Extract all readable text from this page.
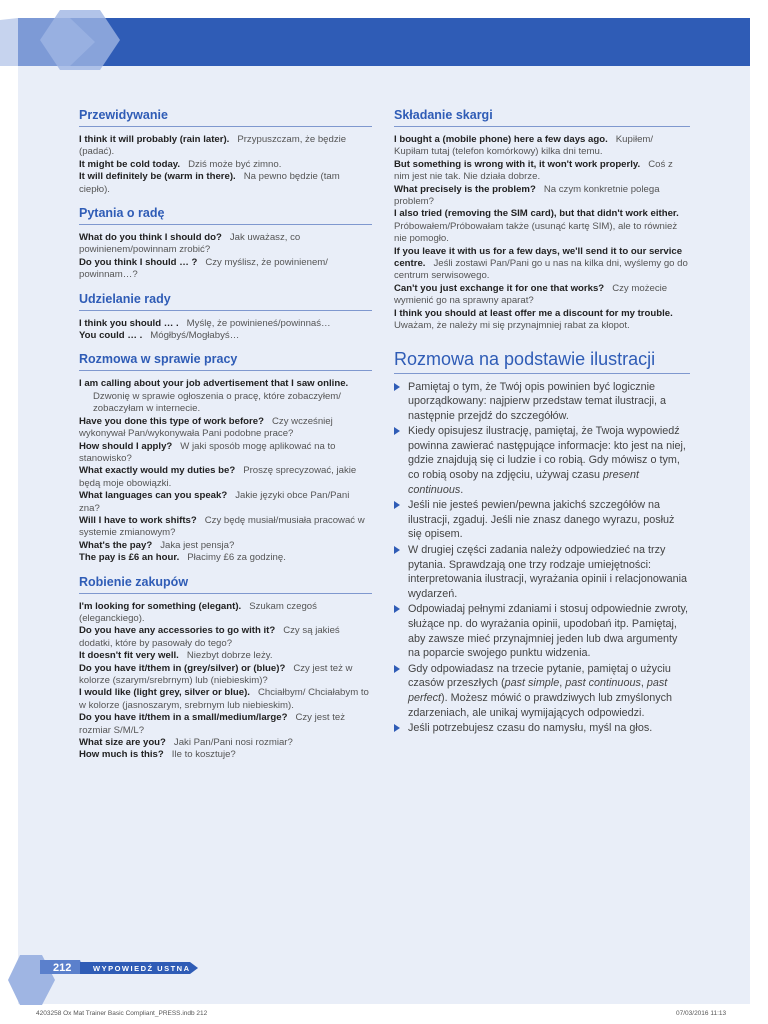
Przewidywanie

I think it will probably (rain later). Przypuszczam, że będzie (padać).

It might be cold today. Dziś może być zimno.

It will definitely be (warm in there). Na pewno będzie (tam ciepło).

Pytania o radę

What do you think I should do? Jak uważasz, co powinienem/powinnam zrobić?

Do you think I should … ? Czy myślisz, że powinienem/ powinnam…?

Udzielanie rady

I think you should … . Myślę, że powinieneś/powinnaś…

You could … . Mógłbyś/Mogłabyś…

Rozmowa w sprawie pracy

I am calling about your job advertisement that I saw online.
Dzwonię w sprawie ogłoszenia o pracę, które zobaczyłem/ zobaczyłam w internecie.

Have you done this type of work before? Czy wcześniej wykonywał Pan/wykonywała Pani podobne prace?

How should I apply? W jaki sposób mogę aplikować na to stanowisko?

What exactly would my duties be? Proszę sprecyzować, jakie będą moje obowiązki.

What languages can you speak? Jakie języki obce Pan/Pani zna?

Will I have to work shifts? Czy będę musiał/musiała pracować w systemie zmianowym?

What's the pay? Jaka jest pensja?

The pay is £6 an hour. Płacimy £6 za godzinę.

Robienie zakupów

I'm looking for something (elegant). Szukam czegoś (eleganckiego).

Do you have any accessories to go with it? Czy są jakieś dodatki, które by pasowały do tego?

It doesn't fit very well. Niezbyt dobrze leży.

Do you have it/them in (grey/silver) or (blue)? Czy jest też w kolorze (szarym/srebrnym) lub (niebieskim)?

I would like (light grey, silver or blue). Chciałbym/ Chciałabym to w kolorze (jasnoszarym, srebrnym lub niebieskim).

Do you have it/them in a small/medium/large? Czy jest też rozmiar S/M/L?

What size are you? Jaki Pan/Pani nosi rozmiar?

How much is this? Ile to kosztuje?

Składanie skargi

I bought a (mobile phone) here a few days ago. Kupiłem/ Kupiłam tutaj (telefon komórkowy) kilka dni temu.

But something is wrong with it, it won't work properly. Coś z nim jest nie tak. Nie działa dobrze.

What precisely is the problem? Na czym konkretnie polega problem?

I also tried (removing the SIM card), but that didn't work either.   Próbowałem/Próbowałam także (usunąć kartę SIM), ale to również nie pomogło.

If you leave it with us for a few days, we'll send it to our service centre. Jeśli zostawi Pan/Pani go u nas na kilka dni, wyślemy go do centrum serwisowego.

Can't you just exchange it for one that works? Czy możecie wymienić go na sprawny aparat?

I think you should at least offer me a discount for my trouble.   Uważam, że należy mi się przynajmniej rabat za kłopot.

Rozmowa na podstawie ilustracji
Pamiętaj o tym, że Twój opis powinien być logicznie uporządkowany: najpierw przedstaw temat ilustracji, a następnie przejdź do szczegółów.
Kiedy opisujesz ilustrację, pamiętaj, że Twoja wypowiedź powinna zawierać następujące informacje: kto jest na niej, gdzie znajdują się ci ludzie i co robią. Gdy mówisz o tym, co robią osoby na zdjęciu, używaj czasu present continuous.
Jeśli nie jesteś pewien/pewna jakichś szczegółów na ilustracji, zgaduj. Jeśli nie znasz danego wyrazu, posłuż się opisem.
W drugiej części zadania należy odpowiedzieć na trzy pytania. Sprawdzają one trzy rodzaje umiejętności: interpretowania ilustracji, wyrażania opinii i relacjonowania wydarzeń.
Odpowiadaj pełnymi zdaniami i stosuj odpowiednie zwroty, służące np. do wyrażania opinii, upodobań itp. Pamiętaj, aby zawsze mieć przynajmniej jeden lub dwa argumenty na poparcie swojego punktu widzenia.
Gdy odpowiadasz na trzecie pytanie, pamiętaj o użyciu czasów przeszłych (past simple, past continuous, past perfect). Możesz mówić o prawdziwych lub zmyślonych zdarzeniach, ale unikaj wymijających odpowiedzi.
Jeśli potrzebujesz czasu do namysłu, myśl na głos.
212	WYPOWIEDŹ USTNA
4203258 Ox Mat Trainer Basic Compliant_PRESS.indb 212	07/03/2016 11:13
